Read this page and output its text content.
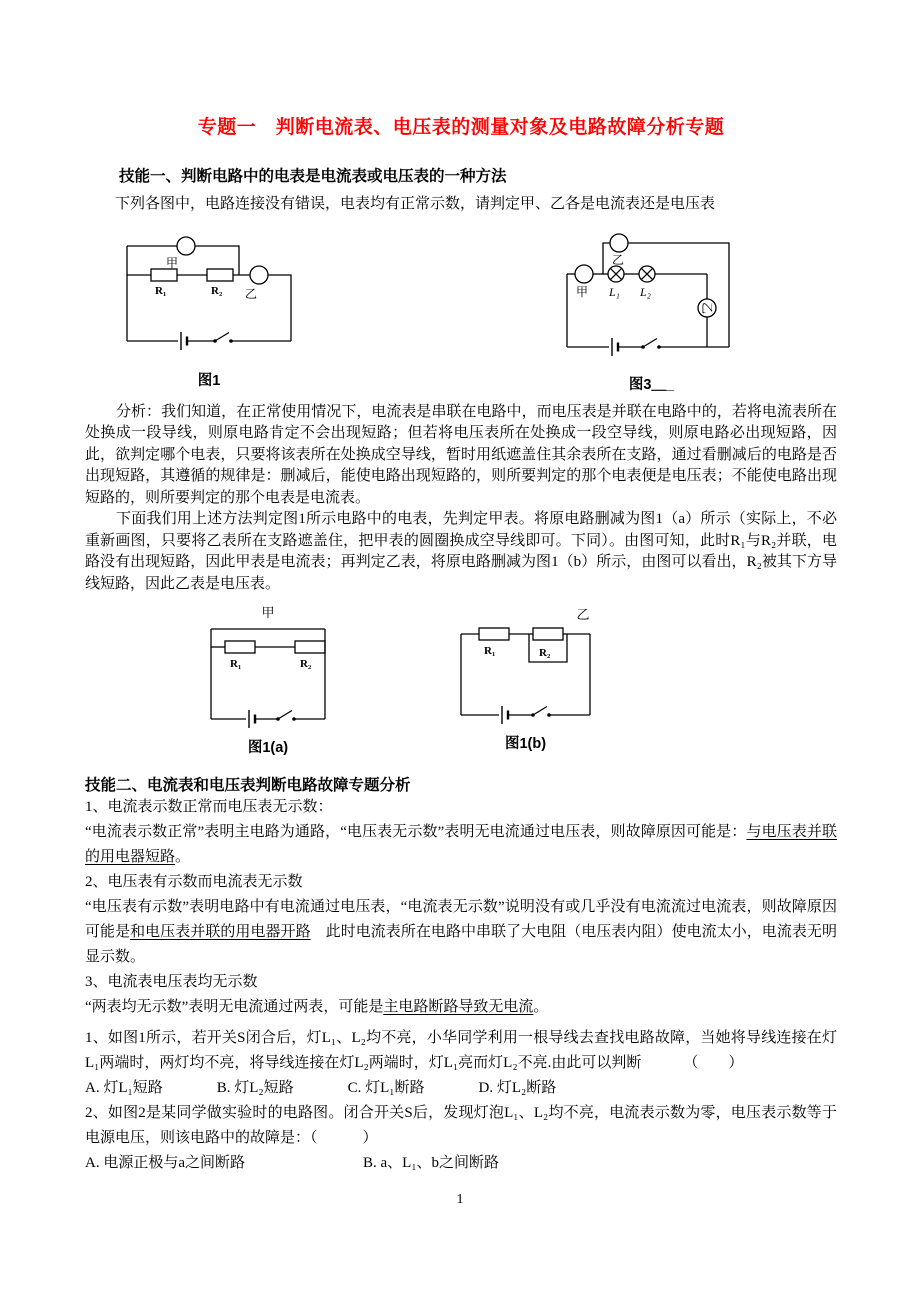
专题一　判断电流表、电压表的测量对象及电路故障分析专题
技能一、判断电路中的电表是电流表或电压表的一种方法

下列各图中，电路连接没有错误，电表均有正常示数，请判定甲、乙各是电流表还是电压表

甲
乙
R₁	R₂
图1
甲
乙
L₁ L₂
乙
图3＿_

分析：我们知道，在正常使用情况下，电流表是串联在电路中，而电压表是并联在电路中的，若将电流表所在处换成一段导线，则原电路肯定不会出现短路；但若将电压表所在处换成一段空导线，则原电路必出现短路，因此，欲判定哪个电表，只要将该表所在处换成空导线，暂时用纸遮盖住其余表所在支路，通过看删减后的电路是否出现短路，其遵循的规律是：删减后，能使电路出现短路的，则所要判定的那个电表便是电压表；不能使电路出现短路的，则所要判定的那个电表是电流表。

下面我们用上述方法判定图1所示电路中的电表，先判定甲表。将原电路删减为图1（a）所示（实际上，不必重新画图，只要将乙表所在支路遮盖住，把甲表的圆圈换成空导线即可。下同）。由图可知，此时R₁与R₂并联，电路没有出现短路，因此甲表是电流表；再判定乙表，将原电路删减为图1（b）所示，由图可以看出，R₂被其下方导线短路，因此乙表是电压表。

甲
R₁	R₂
图1(a)
乙
R₁	R₂
图1(b)
技能二、电流表和电压表判断电路故障专题分析

1、电流表示数正常而电压表无示数：

“电流表示数正常”表明主电路为通路，“电压表无示数”表明无电流通过电压表，则故障原因可能是：与电压表并联的用电器短路。

2、电压表有示数而电流表无示数

“电压表有示数”表明电路中有电流通过电压表，“电流表无示数”说明没有或几乎没有电流流过电流表，则故障原因可能是和电压表并联的用电器开路　此时电流表所在电路中串联了大电阻（电压表内阻）使电流太小，电流表无明显示数。

3、电流表电压表均无示数

“两表均无示数”表明无电流通过两表，可能是主电路断路导致无电流。

1、如图1所示，若开关S闭合后，灯L₁、L₂均不亮，小华同学利用一根导线去查找电路故障，当她将导线连接在灯L₁两端时，两灯均不亮，将导线连接在灯L₂两端时，灯L₁亮而灯L₂不亮.由此可以判断	（　　）

A. 灯L₁短路	B. 灯L₂短路	C. 灯L₁断路	D. 灯L₂断路

2、如图2是某同学做实验时的电路图。闭合开关S后，发现灯泡L₁、L₂均不亮，电流表示数为零，电压表示数等于电源电压，则该电路中的故障是：（　　　）

A. 电源正极与a之间断路	B. a、L₁、b之间断路
1
